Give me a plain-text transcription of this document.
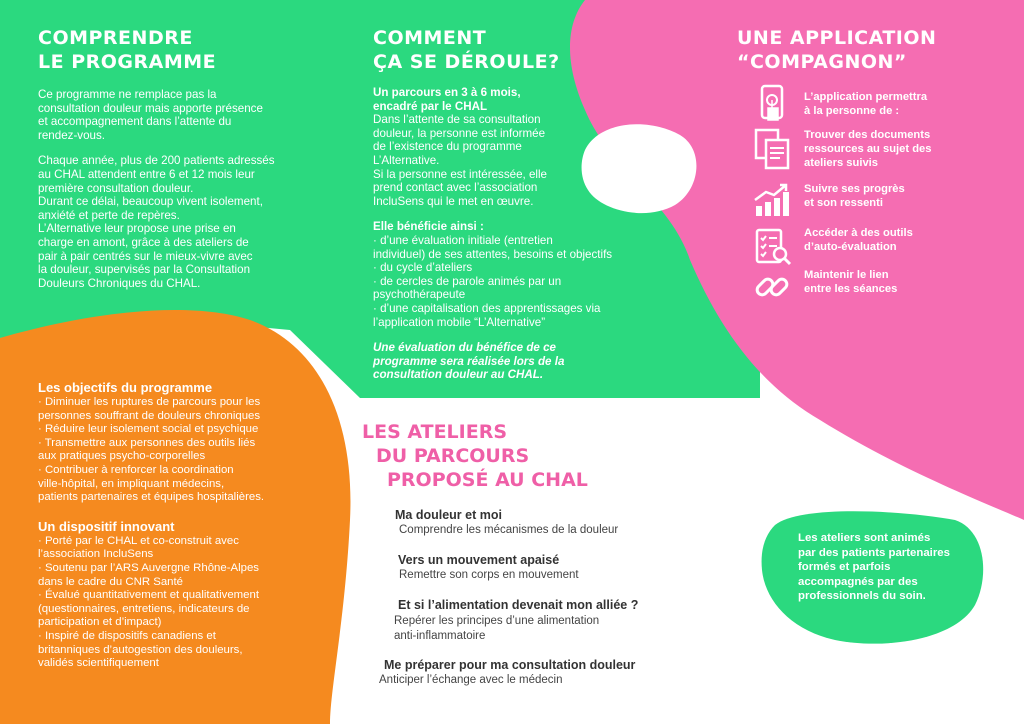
COMPRENDRE
LE PROGRAMME

Ce programme ne remplace pas la
consultation douleur mais apporte présence
et accompagnement dans l’attente du
rendez-vous.

Chaque année, plus de 200 patients adressés
au CHAL attendent entre 6 et 12 mois leur
première consultation douleur.
Durant ce délai, beaucoup vivent isolement,
anxiété et perte de repères.
L’Alternative leur propose une prise en
charge en amont, grâce à des ateliers de
pair à pair centrés sur le mieux-vivre avec
la douleur, supervisés par la Consultation
Douleurs Chroniques du CHAL.

COMMENT
ÇA SE DÉROULE?

Un parcours en 3 à 6 mois,
encadré par le CHAL

Dans l’attente de sa consultation
douleur, la personne est informée
de l’existence du programme
L’Alternative.
Si la personne est intéressée, elle
prend contact avec l’association
IncluSens qui le met en œuvre.

Elle bénéficie ainsi :

· d’une évaluation initiale (entretien
individuel) de ses attentes, besoins et objectifs
· du cycle d’ateliers
· de cercles de parole animés par un
psychothérapeute
· d’une capitalisation des apprentissages via
l’application mobile “L’Alternative”

Une évaluation du bénéfice de ce
programme sera réalisée lors de la
consultation douleur au CHAL.

UNE APPLICATION
“COMPAGNON”
L’application permettra
à la personne de :
Trouver des documents
ressources au sujet des
ateliers suivis
Suivre ses progrès
et son ressenti
Accéder à des outils
d’auto-évaluation
Maintenir le lien
entre les séances

Les objectifs du programme

· Diminuer les ruptures de parcours pour les
personnes souffrant de douleurs chroniques
· Réduire leur isolement social et psychique
· Transmettre aux personnes des outils liés
aux pratiques psycho-corporelles
· Contribuer à renforcer la coordination
ville-hôpital, en impliquant médecins,
patients partenaires et équipes hospitalières.

Un dispositif innovant

· Porté par le CHAL et co-construit avec
l’association IncluSens
· Soutenu par l’ARS Auvergne Rhône-Alpes
dans le cadre du CNR Santé
· Évalué quantitativement et qualitativement
(questionnaires, entretiens, indicateurs de
participation et d’impact)
· Inspiré de dispositifs canadiens et
britanniques d’autogestion des douleurs,
validés scientifiquement

LES ATELIERS
DU PARCOURS
PROPOSÉ AU CHAL

Ma douleur et moi

Comprendre les mécanismes de la douleur

Vers un mouvement apaisé

Remettre son corps en mouvement

Et si l’alimentation devenait mon alliée ?

Repérer les principes d’une alimentation
anti-inflammatoire

Me préparer pour ma consultation douleur

Anticiper l’échange avec le médecin

Les ateliers sont animés
par des patients partenaires
formés et parfois
accompagnés par des
professionnels du soin.
